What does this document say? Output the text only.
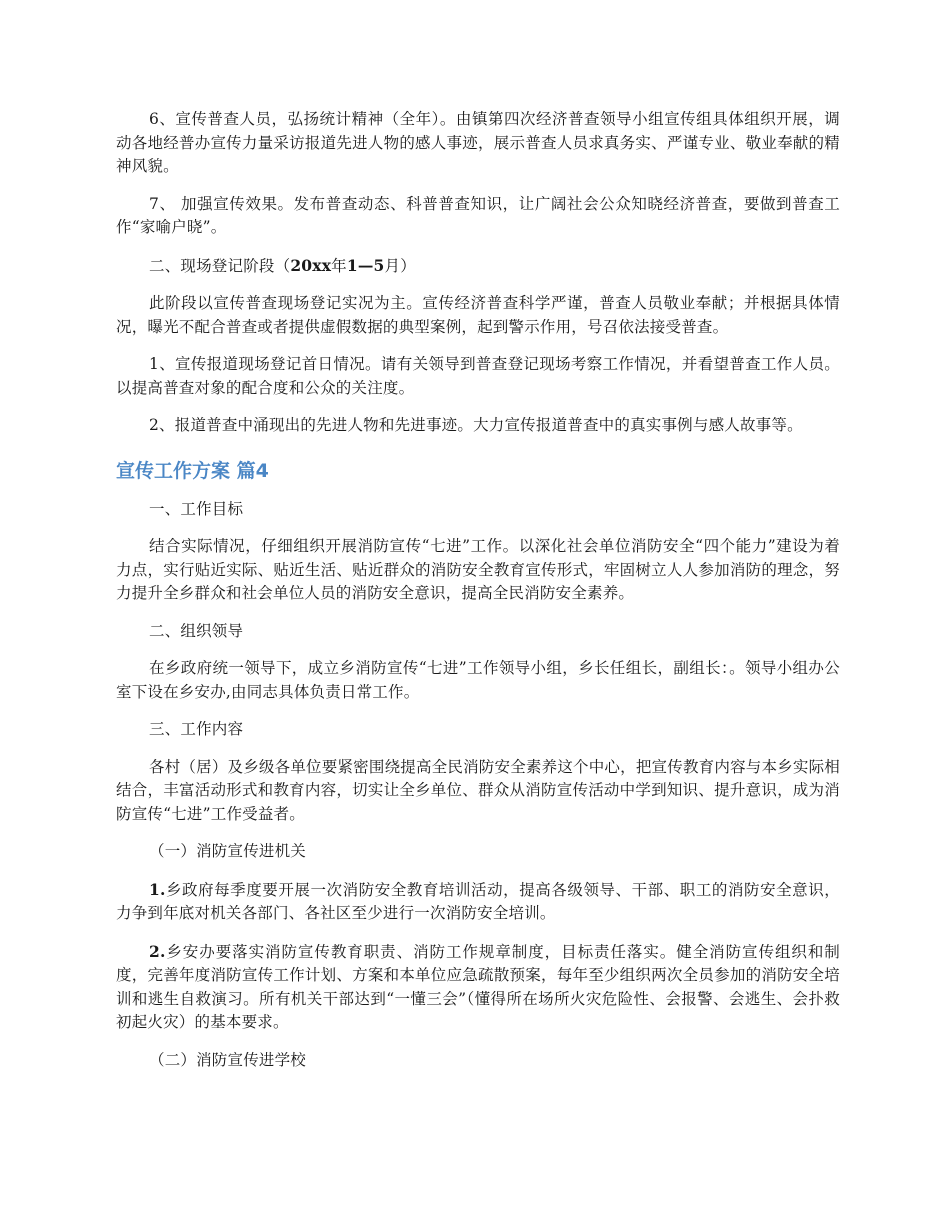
6、宣传普查人员，弘扬统计精神（全年）。由镇第四次经济普查领导小组宣传组具体组织开展，调动各地经普办宣传力量采访报道先进人物的感人事迹，展示普查人员求真务实、严谨专业、敬业奉献的精神风貌。

7、 加强宣传效果。发布普查动态、科普普查知识，让广阔社会公众知晓经济普查，要做到普查工作“家喻户晓”。

二、现场登记阶段（20xx年1—5月）

此阶段以宣传普查现场登记实况为主。宣传经济普查科学严谨，普查人员敬业奉献；并根据具体情况，曝光不配合普查或者提供虚假数据的典型案例，起到警示作用，号召依法接受普查。

1、宣传报道现场登记首日情况。请有关领导到普查登记现场考察工作情况，并看望普查工作人员。以提高普查对象的配合度和公众的关注度。

2、报道普查中涌现出的先进人物和先进事迹。大力宣传报道普查中的真实事例与感人故事等。

宣传工作方案 篇4

一、工作目标

结合实际情况，仔细组织开展消防宣传“七进”工作。以深化社会单位消防安全“四个能力”建设为着力点，实行贴近实际、贴近生活、贴近群众的消防安全教育宣传形式，牢固树立人人参加消防的理念，努力提升全乡群众和社会单位人员的消防安全意识，提高全民消防安全素养。

二、组织领导

在乡政府统一领导下，成立乡消防宣传“七进”工作领导小组，乡长任组长，副组长：。领导小组办公室下设在乡安办,由同志具体负责日常工作。

三、工作内容

各村（居）及乡级各单位要紧密围绕提高全民消防安全素养这个中心，把宣传教育内容与本乡实际相结合，丰富活动形式和教育内容，切实让全乡单位、群众从消防宣传活动中学到知识、提升意识，成为消防宣传“七进”工作受益者。

（一）消防宣传进机关

1.乡政府每季度要开展一次消防安全教育培训活动，提高各级领导、干部、职工的消防安全意识，力争到年底对机关各部门、各社区至少进行一次消防安全培训。

2.乡安办要落实消防宣传教育职责、消防工作规章制度，目标责任落实。健全消防宣传组织和制度，完善年度消防宣传工作计划、方案和本单位应急疏散预案，每年至少组织两次全员参加的消防安全培训和逃生自救演习。所有机关干部达到“一懂三会”（懂得所在场所火灾危险性、会报警、会逃生、会扑救初起火灾）的基本要求。

（二）消防宣传进学校
